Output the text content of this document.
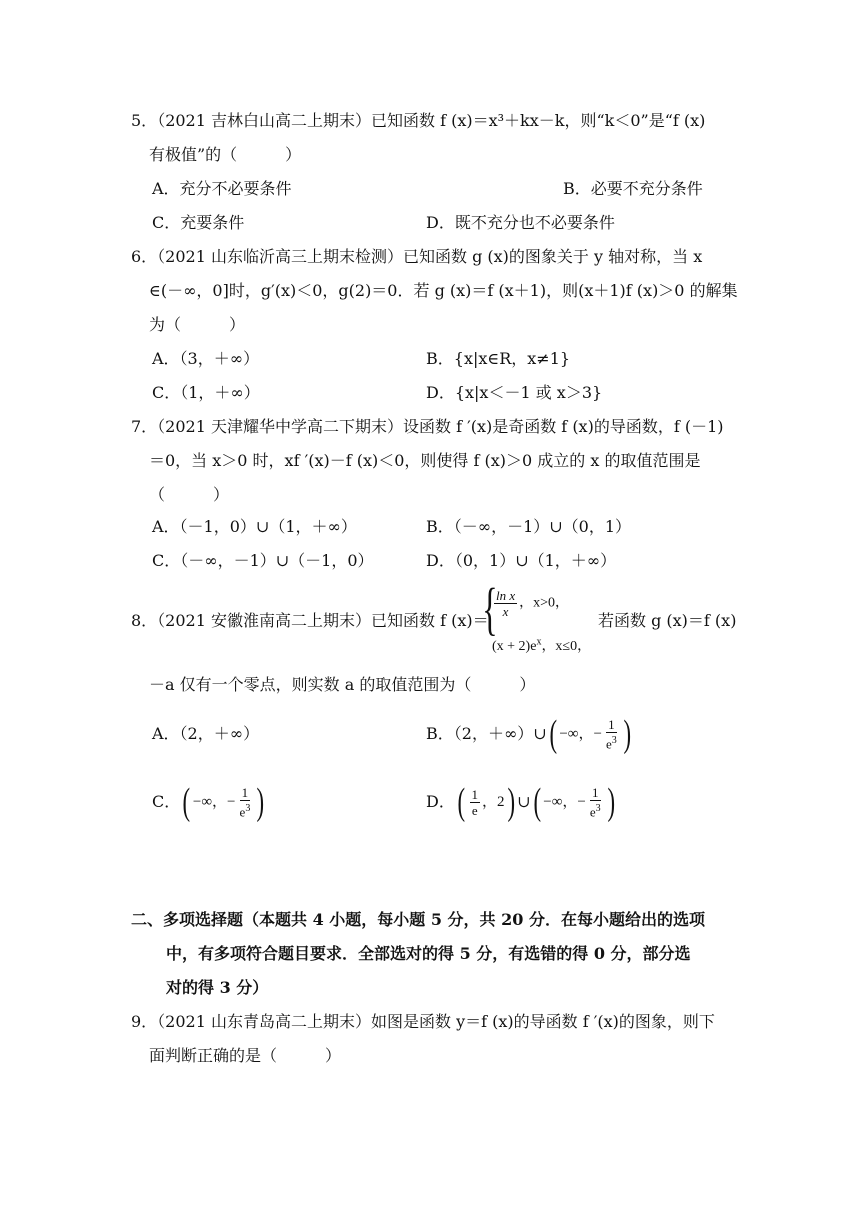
5．（2021 吉林白山高二上期末）已知函数 f (x)＝x³＋kx－k，则“k＜0”是“f (x)
有极值”的（　　　）
A．充分不必要条件	B．必要不充分条件
C．充要条件	D．既不充分也不必要条件
6．（2021 山东临沂高三上期末检测）已知函数 g (x)的图象关于 y 轴对称，当 x
∈(－∞，0]时，g′(x)＜0，g(2)＝0．若 g (x)＝f (x＋1)，则(x＋1)f (x)＞0 的解集
为（　　　）
A．（3，＋∞）	B．{x|x∈R，x≠1}
C．（1，＋∞）	D．{x|x＜－1 或 x＞3}
7．（2021 天津耀华中学高二下期末）设函数 f ′(x)是奇函数 f (x)的导函数，f (－1)
＝0，当 x＞0 时，xf ′(x)－f (x)＜0，则使得 f (x)＞0 成立的 x 的取值范围是
（　　　）
A．（－1，0）∪（1，＋∞）	B．（－∞，－1）∪（0，1）
C．（－∞，－1）∪（－1，0）	D．（0，1）∪（1，＋∞）
8．（2021 安徽淮南高二上期末）已知函数 f (x)＝
{
$\frac{\text{ln x}}{x}$ ，x>0，
$(x + 2)e^x$，x≤0，
若函数 g (x)＝f (x)
－a 仅有一个零点，则实数 a 的取值范围为（　　　）
A．（2，＋∞）	B．（2，＋∞）∪ ( −∞，− $\frac{1}{e^3}$ )
C． ( −∞，− $\frac{1}{e^3}$ )	D． ( $\frac{1}{e}$ ，2 ) ∪ ( −∞，− $\frac{1}{e^3}$ )
二、多项选择题（本题共 4 小题，每小题 5 分，共 20 分．在每小题给出的选项
中，有多项符合题目要求．全部选对的得 5 分，有选错的得 0 分，部分选
对的得 3 分）
9．（2021 山东青岛高二上期末）如图是函数 y＝f (x)的导函数 f ′(x)的图象，则下
面判断正确的是（　　　）
